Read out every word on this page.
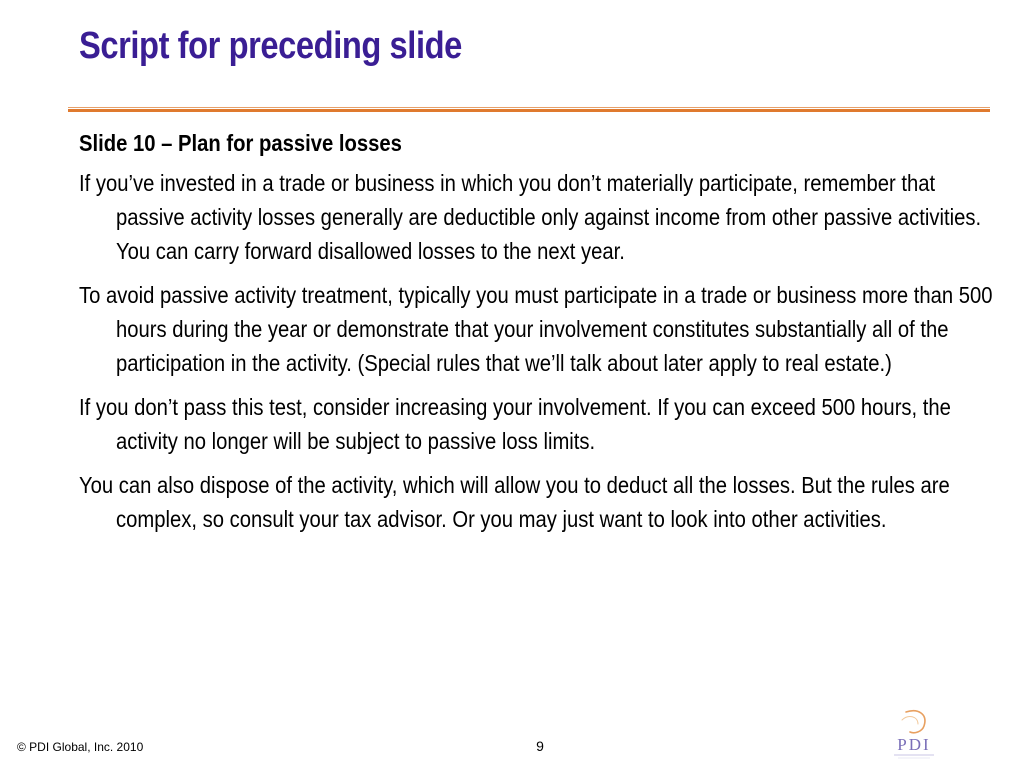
Script for preceding slide

Slide 10 – Plan for passive losses

If you’ve invested in a trade or business in which you don’t materially participate, remember that passive activity losses generally are deductible only against income from other passive activities. You can carry forward disallowed losses to the next year.

To avoid passive activity treatment, typically you must participate in a trade or business more than 500 hours during the year or demonstrate that your involvement constitutes substantially all of the participation in the activity. (Special rules that we’ll talk about later apply to real estate.)

If you don’t pass this test, consider increasing your involvement. If you can exceed 500 hours, the activity no longer will be subject to passive loss limits.

You can also dispose of the activity, which will allow you to deduct all the losses. But the rules are complex, so consult your tax advisor. Or you may just want to look into other activities.

© PDI Global, Inc. 2010	9	PDI
